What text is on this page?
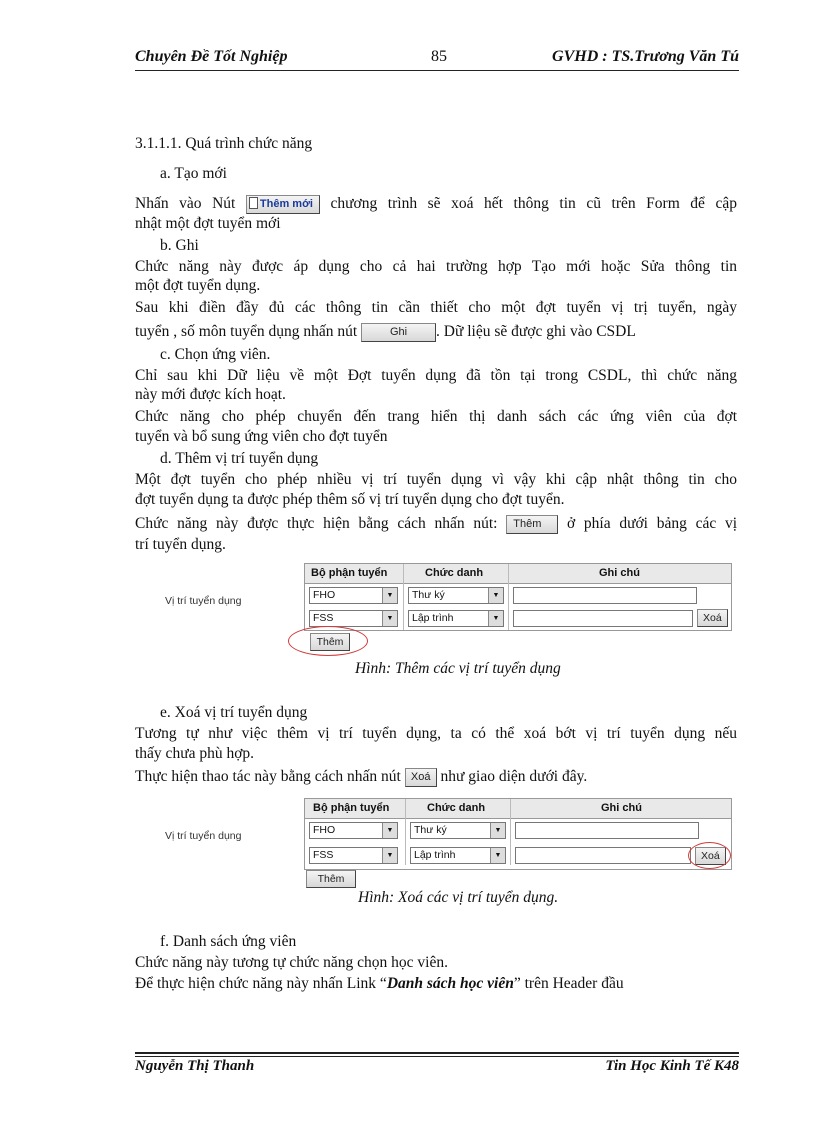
Chuyên Đề Tốt Nghiệp	85	GVHD : TS.Trương Văn Tú
3.1.1.1. Quá trình chức năng
a. Tạo mới
Nhấn vào Nút Thêm mới chương trình sẽ xoá hết thông tin cũ trên Form để cập
nhật một đợt tuyển mới
b. Ghi
Chức năng này được áp dụng cho cả hai trường hợp Tạo mới hoặc Sửa thông tin
một đợt tuyển dụng.
Sau khi điền đầy đủ các thông tin cần thiết cho một đợt tuyển vị trị tuyển, ngày
tuyển , số môn tuyển dụng nhấn nút	Ghi . Dữ liệu sẽ được ghi vào CSDL
c. Chọn ứng viên.
Chỉ sau khi Dữ liệu về một Đợt tuyển dụng đã tồn tại trong CSDL, thì chức năng
này mới được kích hoạt.
Chức năng cho phép chuyển đến trang hiển thị danh sách các ứng viên của đợt
tuyển và bổ sung ứng viên cho đợt tuyển
d. Thêm vị trí tuyển dụng
Một đợt tuyển cho phép nhiều vị trí tuyển dụng vì vậy khi cập nhật thông tin cho
đợt tuyển dụng ta được phép thêm số vị trí tuyển dụng cho đợt tuyển.
Chức năng này được thực hiện bằng cách nhấn nút: Thêm ở phía dưới bảng các vị
trí tuyển dụng.
Vị trí tuyển dụng
Bộ phận tuyển	Chức danh	Ghi chú
FHO	▼	Thư ký	▼
FSS	▼	Lập trình	▼	Xoá
Thêm
Hình: Thêm các vị trí tuyển dụng
e. Xoá vị trí tuyển dụng
Tương tự như việc thêm vị trí tuyển dụng, ta có thể xoá bớt vị trí tuyển dụng nếu
thấy chưa phù hợp.
Thực hiện thao tác này bằng cách nhấn nút Xoá như giao diện dưới đây.
Vị trí tuyển dụng
Bộ phận tuyển	Chức danh	Ghi chú
FHO	▼	Thư ký	▼
FSS	▼	Lập trình	▼	Xoá
Thêm
Hình: Xoá các vị trí tuyển dụng.
f. Danh sách ứng viên
Chức năng này tương tự chức năng chọn học viên.
Để thực hiện chức năng này nhấn Link “Danh sách học viên” trên Header đầu
Nguyễn Thị Thanh	Tin Học Kinh Tế K48
